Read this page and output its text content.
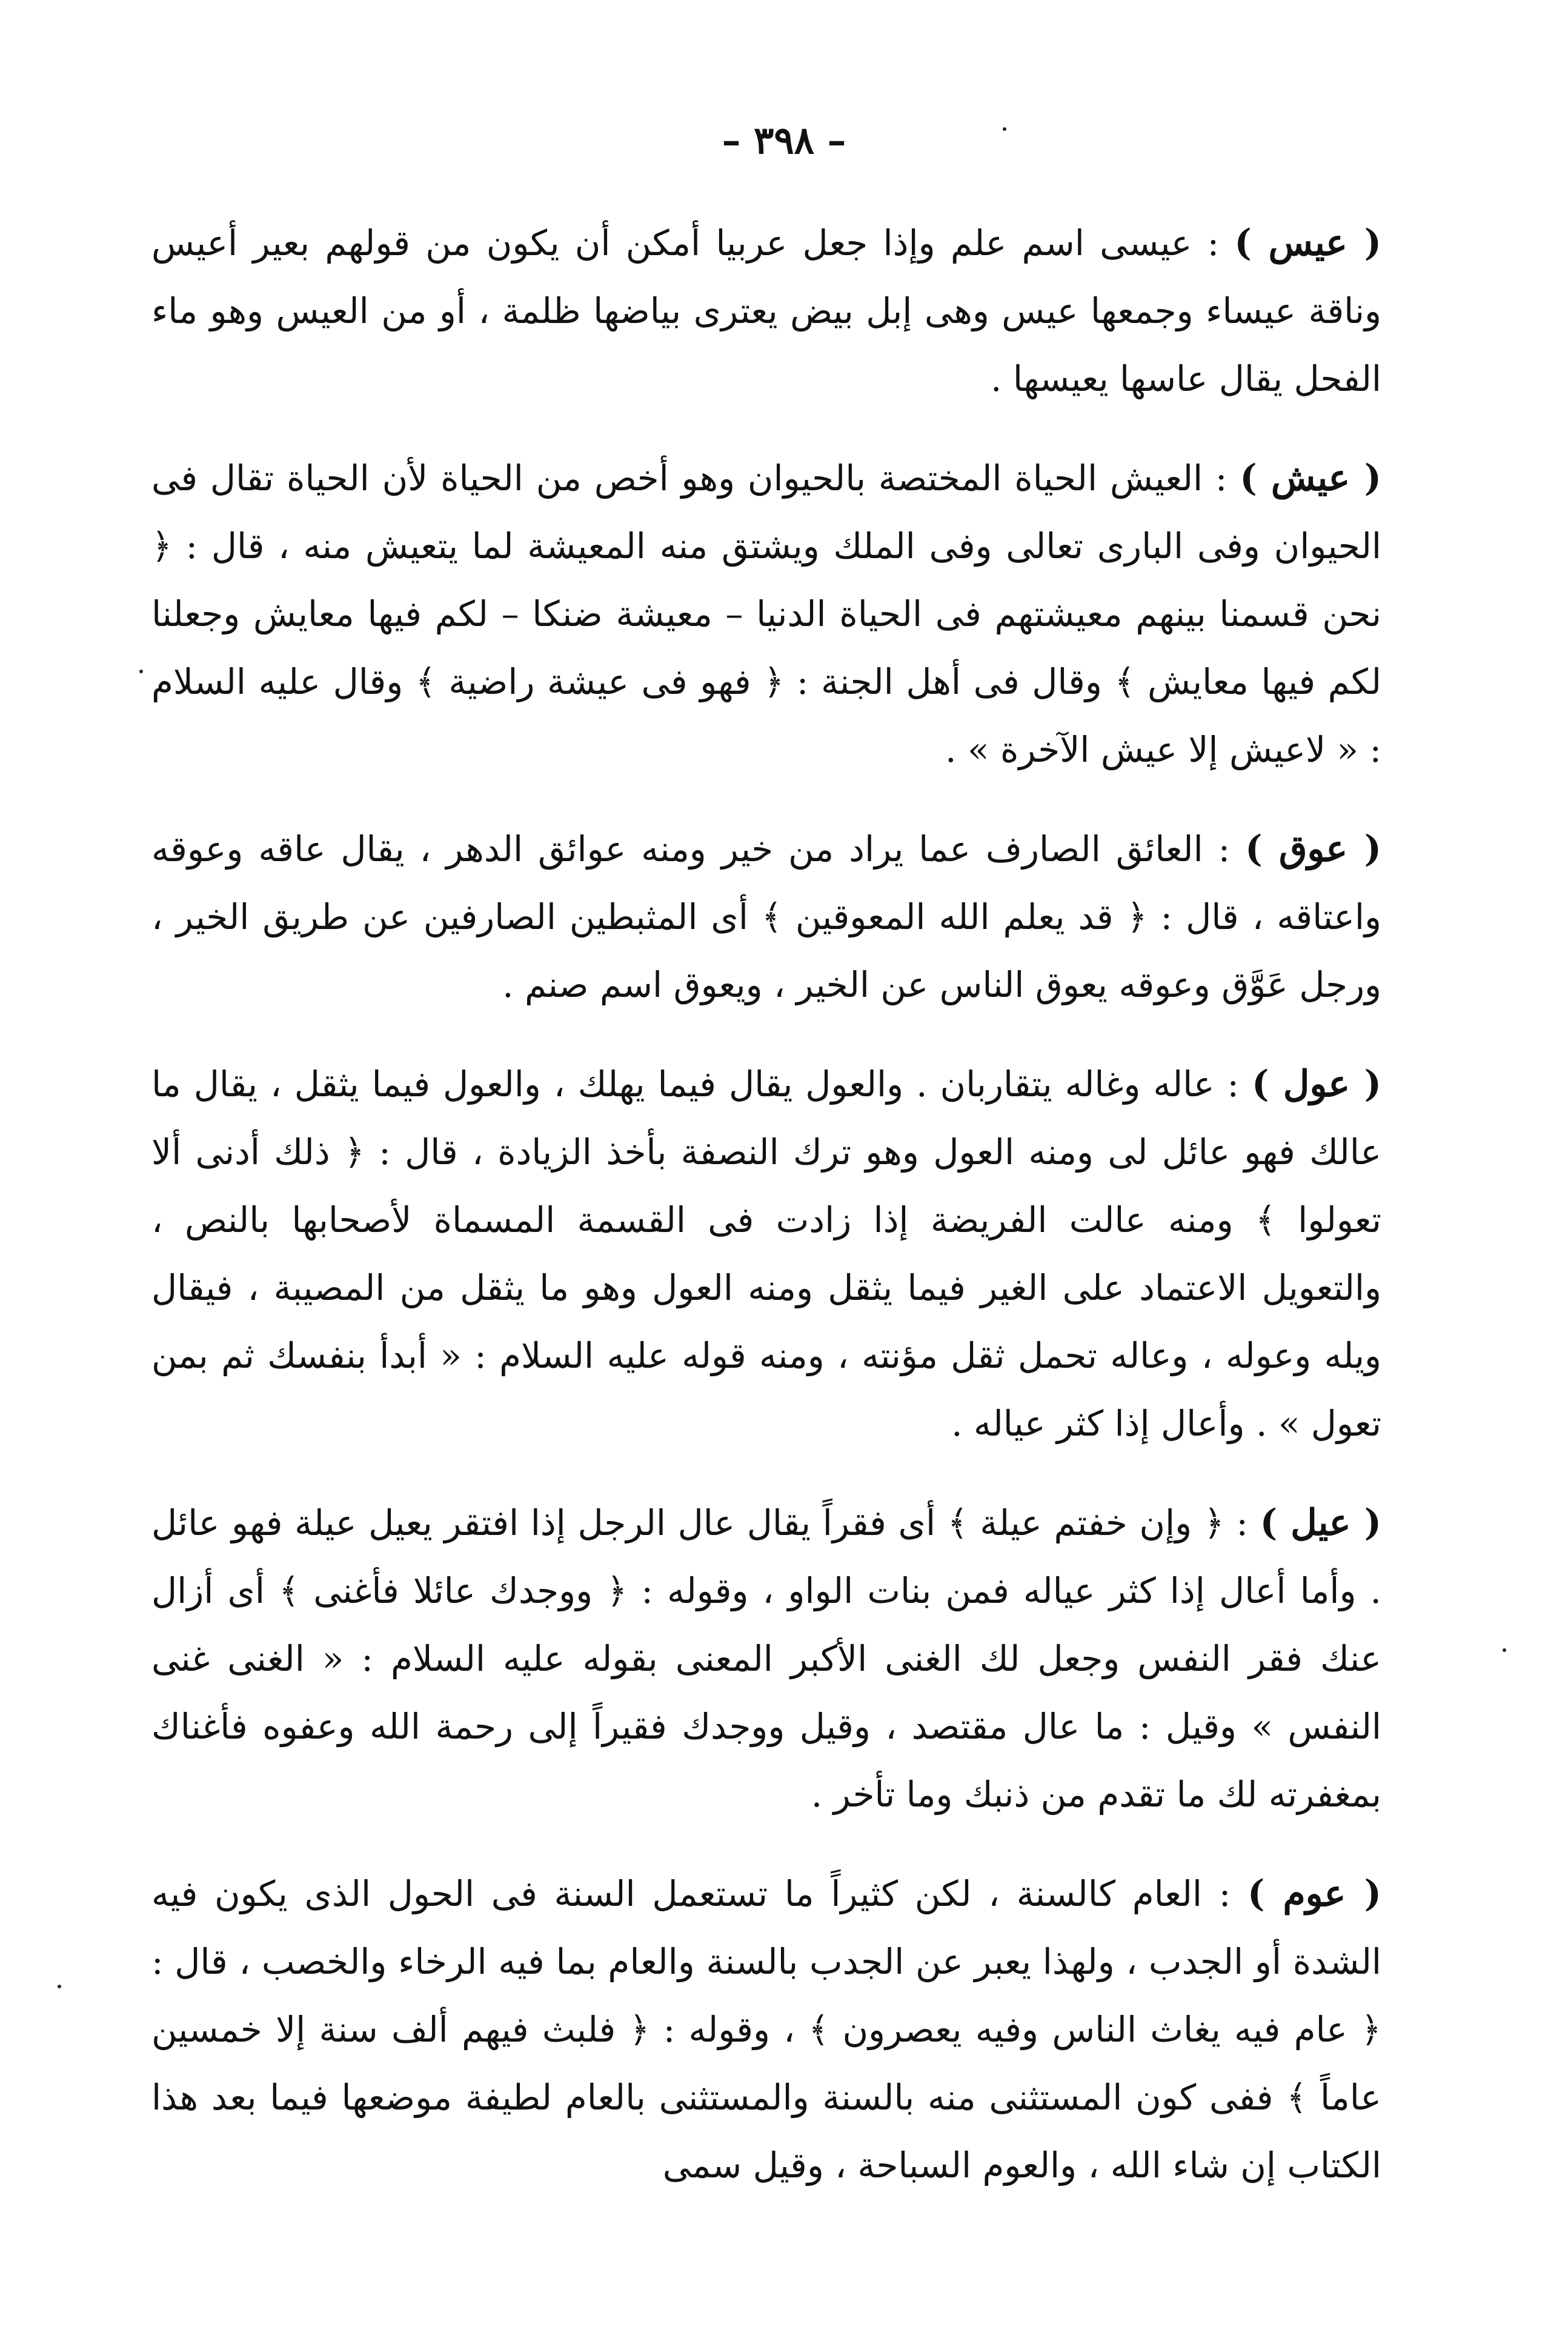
– ٣٩٨ –

( عيس ) : عيسى اسم علم وإذا جعل عربيا أمكن أن يكون من قولهم بعير أعيس وناقة عيساء وجمعها عيس وهى إبل بيض يعترى بياضها ظلمة ، أو من العيس وهو ماء الفحل يقال عاسها يعيسها .

( عيش ) : العيش الحياة المختصة بالحيوان وهو أخص من الحياة لأن الحياة تقال فى الحيوان وفى البارى تعالى وفى الملك ويشتق منه المعيشة لما يتعيش منه ، قال : ﴿ نحن قسمنا بينهم معيشتهم فى الحياة الدنيا – معيشة ضنكا – لكم فيها معايش وجعلنا لكم فيها معايش ﴾ وقال فى أهل الجنة : ﴿ فهو فى عيشة راضية ﴾ وقال عليه السلام : « لاعيش إلا عيش الآخرة » .

( عوق ) : العائق الصارف عما يراد من خير ومنه عوائق الدهر ، يقال عاقه وعوقه واعتاقه ، قال : ﴿ قد يعلم الله المعوقين ﴾ أى المثبطين الصارفين عن طريق الخير ، ورجل عَوَّق وعوقه يعوق الناس عن الخير ، ويعوق اسم صنم .

( عول ) : عاله وغاله يتقاربان . والعول يقال فيما يهلك ، والعول فيما يثقل ، يقال ما عالك فهو عائل لى ومنه العول وهو ترك النصفة بأخذ الزيادة ، قال : ﴿ ذلك أدنى ألا تعولوا ﴾ ومنه عالت الفريضة إذا زادت فى القسمة المسماة لأصحابها بالنص ، والتعويل الاعتماد على الغير فيما يثقل ومنه العول وهو ما يثقل من المصيبة ، فيقال ويله وعوله ، وعاله تحمل ثقل مؤنته ، ومنه قوله عليه السلام : « أبدأ بنفسك ثم بمن تعول » . وأعال إذا كثر عياله .

( عيل ) : ﴿ وإن خفتم عيلة ﴾ أى فقراً يقال عال الرجل إذا افتقر يعيل عيلة فهو عائل . وأما أعال إذا كثر عياله فمن بنات الواو ، وقوله : ﴿ ووجدك عائلا فأغنى ﴾ أى أزال عنك فقر النفس وجعل لك الغنى الأكبر المعنى بقوله عليه السلام : « الغنى غنى النفس » وقيل : ما عال مقتصد ، وقيل ووجدك فقيراً إلى رحمة الله وعفوه فأغناك بمغفرته لك ما تقدم من ذنبك وما تأخر .

( عوم ) : العام كالسنة ، لكن كثيراً ما تستعمل السنة فى الحول الذى يكون فيه الشدة أو الجدب ، ولهذا يعبر عن الجدب بالسنة والعام بما فيه الرخاء والخصب ، قال : ﴿ عام فيه يغاث الناس وفيه يعصرون ﴾ ، وقوله : ﴿ فلبث فيهم ألف سنة إلا خمسين عاماً ﴾ ففى كون المستثنى منه بالسنة والمستثنى بالعام لطيفة موضعها فيما بعد هذا الكتاب إن شاء الله ، والعوم السباحة ، وقيل سمى
